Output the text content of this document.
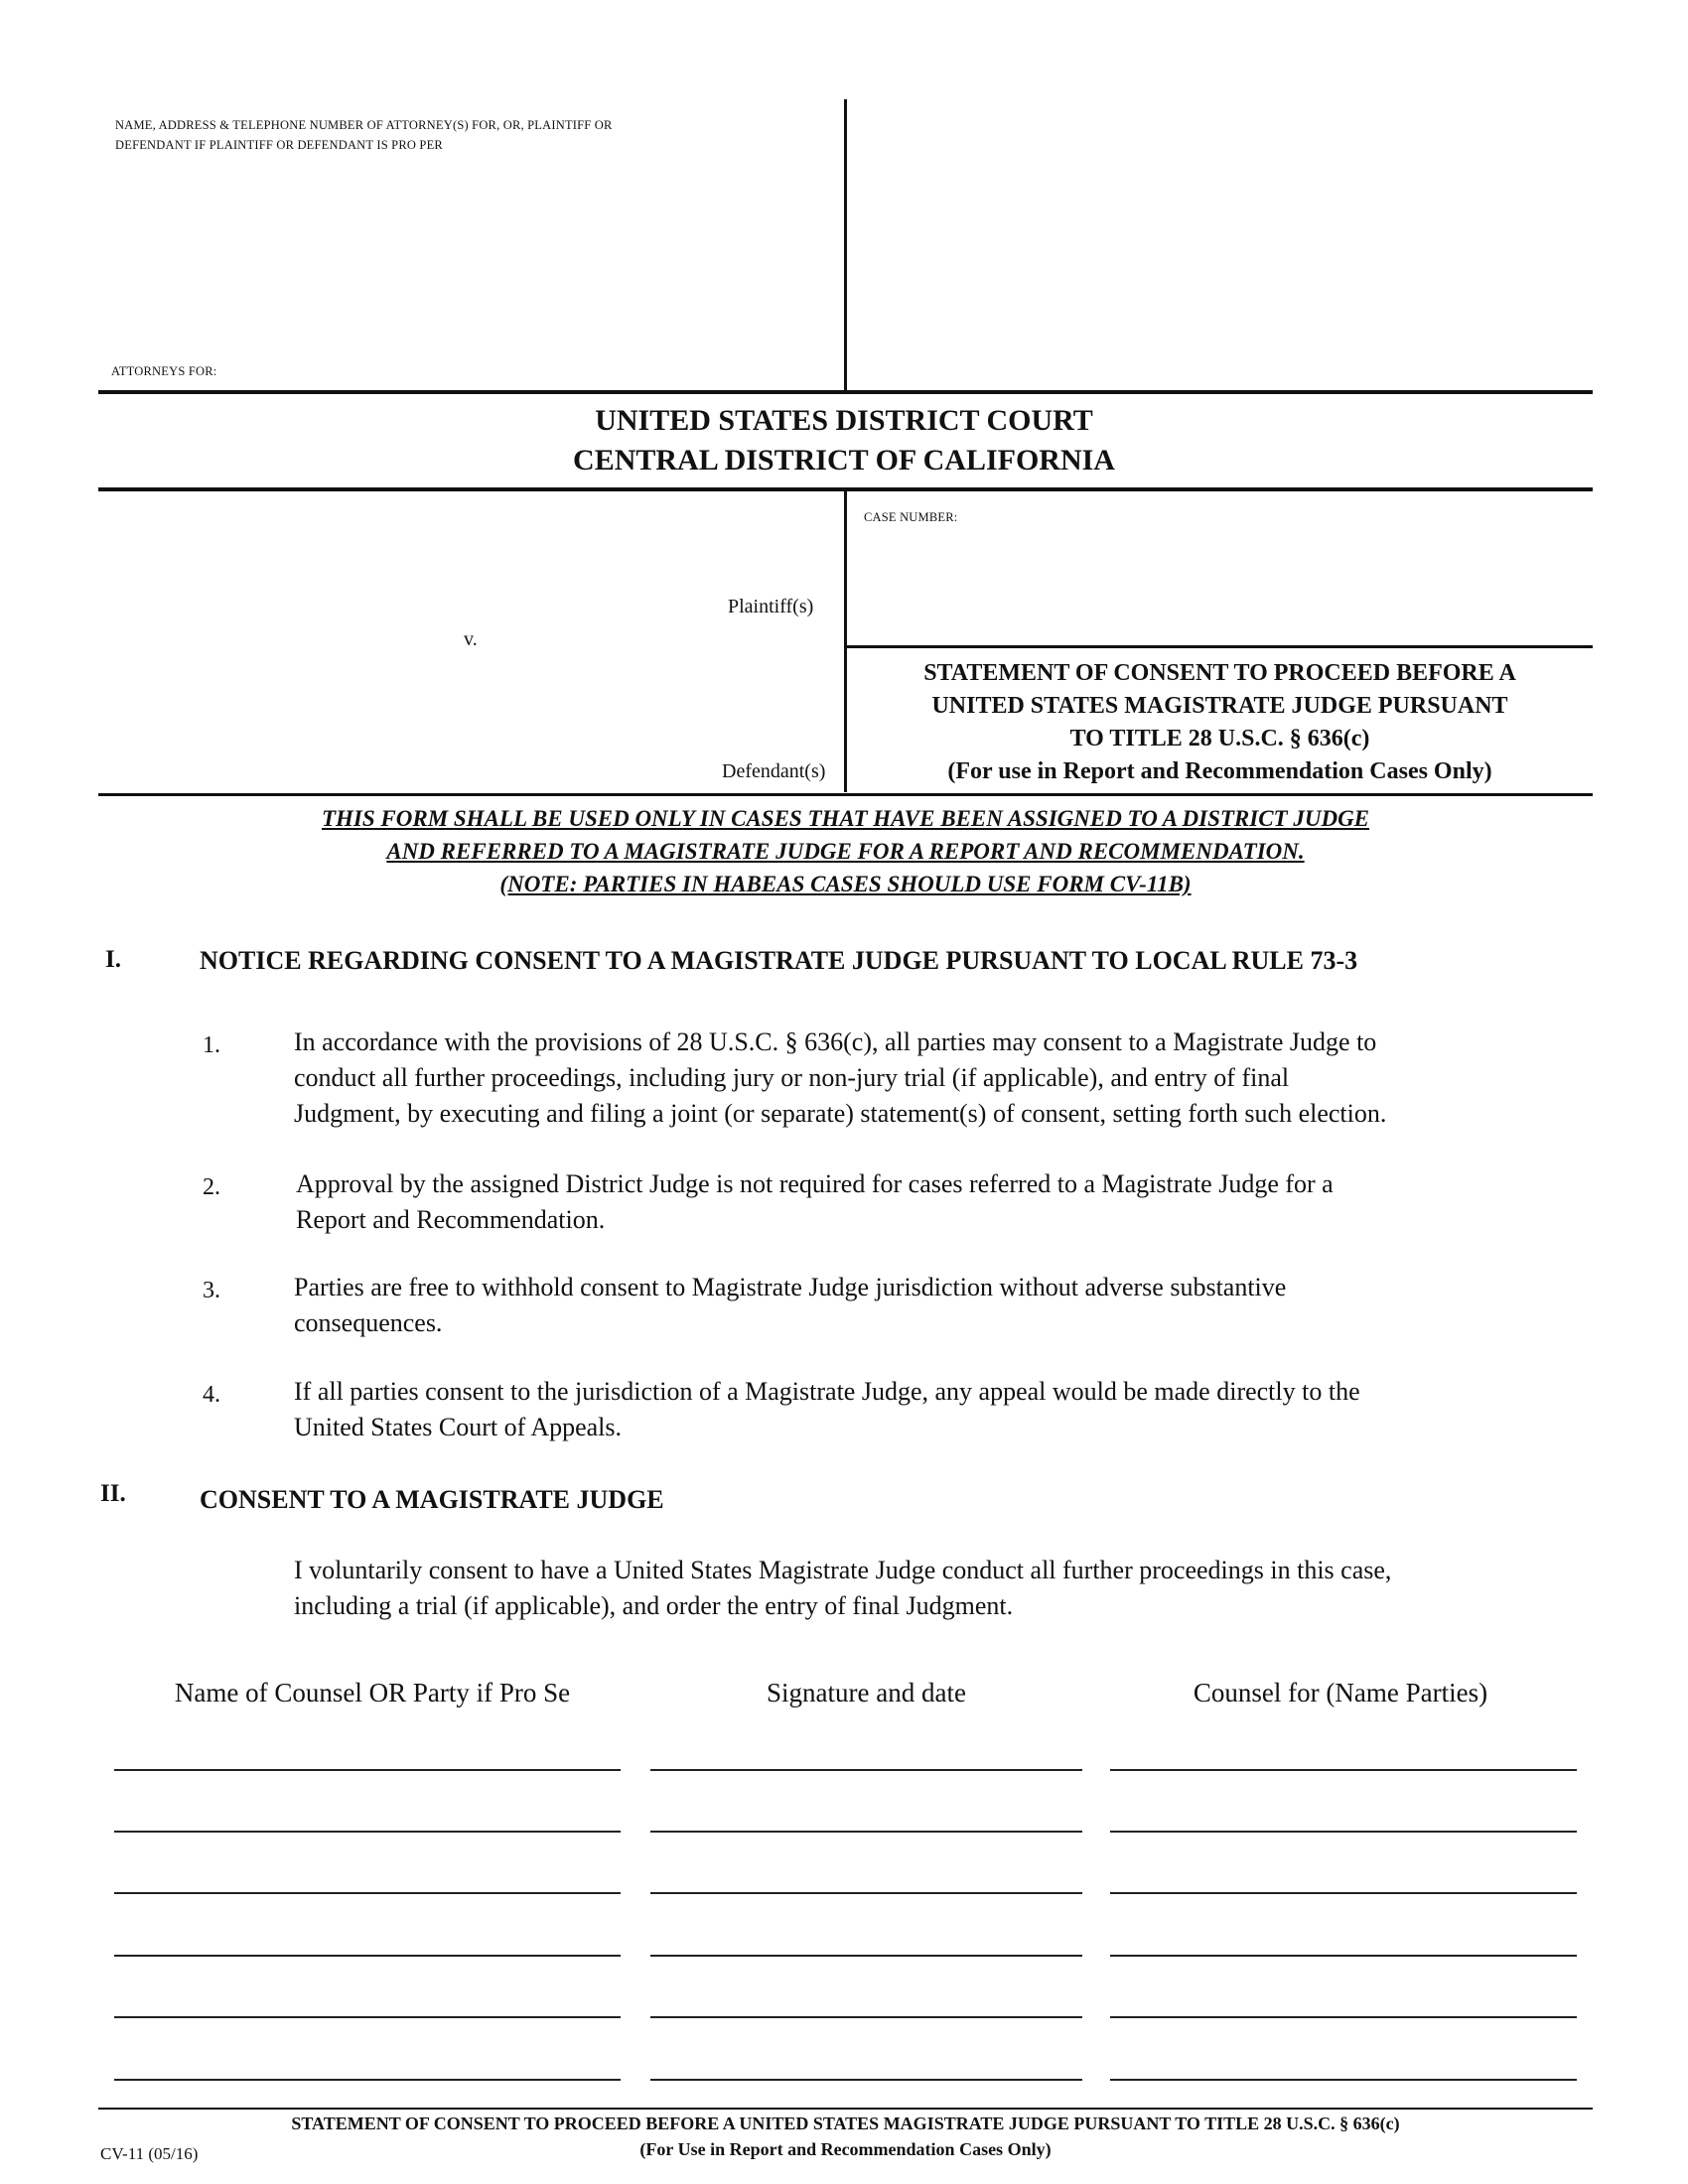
NAME, ADDRESS & TELEPHONE NUMBER OF ATTORNEY(S) FOR, OR, PLAINTIFF OR
DEFENDANT IF PLAINTIFF OR DEFENDANT IS PRO PER
ATTORNEYS FOR:
UNITED STATES DISTRICT COURT
CENTRAL DISTRICT OF CALIFORNIA
CASE NUMBER:
Plaintiff(s)
v.
Defendant(s)
STATEMENT OF CONSENT TO PROCEED BEFORE A
UNITED STATES MAGISTRATE JUDGE PURSUANT
TO TITLE 28 U.S.C. § 636(c)
(For use in Report and Recommendation Cases Only)
THIS FORM SHALL BE USED ONLY IN CASES THAT HAVE BEEN ASSIGNED TO A DISTRICT JUDGE
AND REFERRED TO A MAGISTRATE JUDGE FOR A REPORT AND RECOMMENDATION.
(NOTE: PARTIES IN HABEAS CASES SHOULD USE FORM CV-11B)
I.	NOTICE REGARDING CONSENT TO A MAGISTRATE JUDGE PURSUANT TO LOCAL RULE 73-3
1.	In accordance with the provisions of 28 U.S.C. § 636(c), all parties may consent to a Magistrate Judge to
conduct all further proceedings, including jury or non-jury trial (if applicable), and entry of final
Judgment, by executing and filing a joint (or separate) statement(s) of consent, setting forth such election.
2.	Approval by the assigned District Judge is not required for cases referred to a Magistrate Judge for a
Report and Recommendation.
3.	Parties are free to withhold consent to Magistrate Judge jurisdiction without adverse substantive
consequences.
4.	If all parties consent to the jurisdiction of a Magistrate Judge, any appeal would be made directly to the
United States Court of Appeals.
II.	CONSENT TO A MAGISTRATE JUDGE
I voluntarily consent to have a United States Magistrate Judge conduct all further proceedings in this case,
including a trial (if applicable), and order the entry of final Judgment.
Name of Counsel OR Party if Pro Se	Signature and date	Counsel for (Name Parties)
STATEMENT OF CONSENT TO PROCEED BEFORE A UNITED STATES MAGISTRATE JUDGE PURSUANT TO TITLE 28 U.S.C. § 636(c)
(For Use in Report and Recommendation Cases Only)
CV-11 (05/16)
